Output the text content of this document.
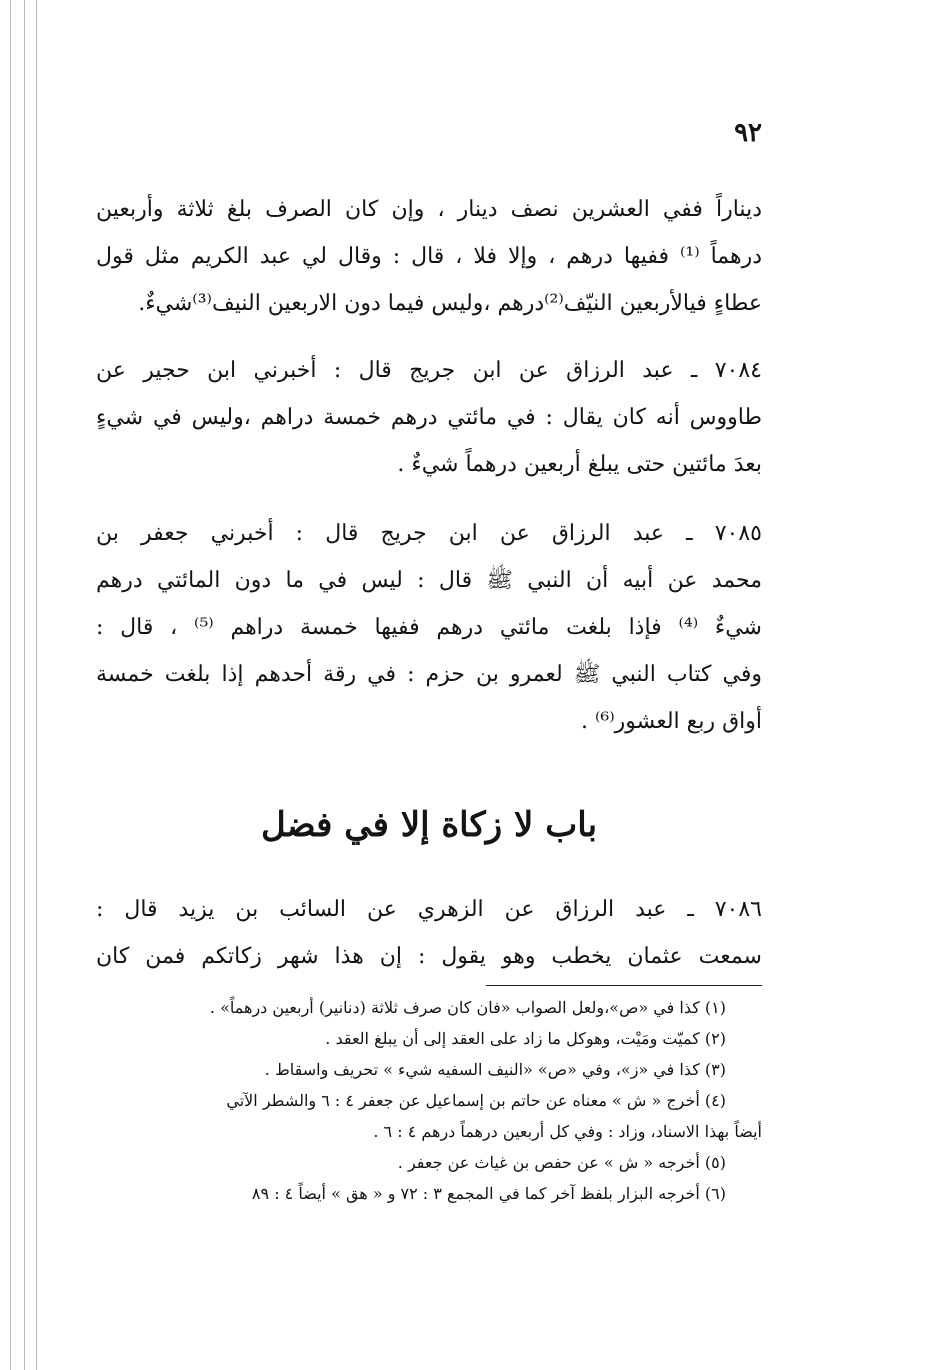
٩٢
ديناراً ففي العشرين نصف دينار ، وإن كان الصرف بلغ ثلاثة وأربعين
درهماً ⁽¹⁾ ففيها درهم ، وإلا فلا ، قال : وقال لي عبد الكريم مثل قول
عطاءٍ فيالأربعين النيّف⁽²⁾درهم ،وليس فيما دون الاربعين النيف⁽³⁾شيءٌ.
٧٠٨٤ ـ عبد الرزاق عن ابن جريج قال : أخبرني ابن حجير عن
طاووس أنه كان يقال : في مائتي درهم خمسة دراهم ،وليس في شيءٍ
بعدَ مائتين حتى يبلغ أربعين درهماً شيءٌ .
٧٠٨٥ ـ عبد الرزاق عن ابن جريج قال : أخبرني جعفر بن
محمد عن أبيه أن النبي ﷺ قال : ليس في ما دون المائتي درهم
شيءٌ ⁽⁴⁾ فإذا بلغت مائتي درهم ففيها خمسة دراهم ⁽⁵⁾ ، قال :
وفي كتاب النبي ﷺ لعمرو بن حزم : في رقة أحدهم إذا بلغت خمسة
أواق ربع العشور⁽⁶⁾ .
باب لا زكاة إلا في فضل
٧٠٨٦ ـ عبد الرزاق عن الزهري عن السائب بن يزيد قال :
سمعت عثمان يخطب وهو يقول : إن هذا شهر زكاتكم فمن كان
(١) كذا في «ص»،ولعل الصواب «فان كان صرف ثلاثة (دنانير) أربعين درهماً» .
(٢) كميّت ومَيْت، وهوكل ما زاد على العقد إلى أن يبلغ العقد .
(٣) كذا في «ز»، وفي «ص» «النيف السفيه شيء » تحريف واسقاط .
(٤) أخرج « ش » معناه عن حاتم بن إسماعيل عن جعفر ٤ : ٦ والشطر الآتي
أيضاً بهذا الاسناد، وزاد : وفي كل أربعين درهماً درهم ٤ : ٦ .
(٥) أخرجه « ش » عن حفص بن غياث عن جعفر .
(٦) أخرجه البزار بلفظ آخر كما في المجمع ٣ : ٧٢ و « هق » أيضاً ٤ : ٨٩
